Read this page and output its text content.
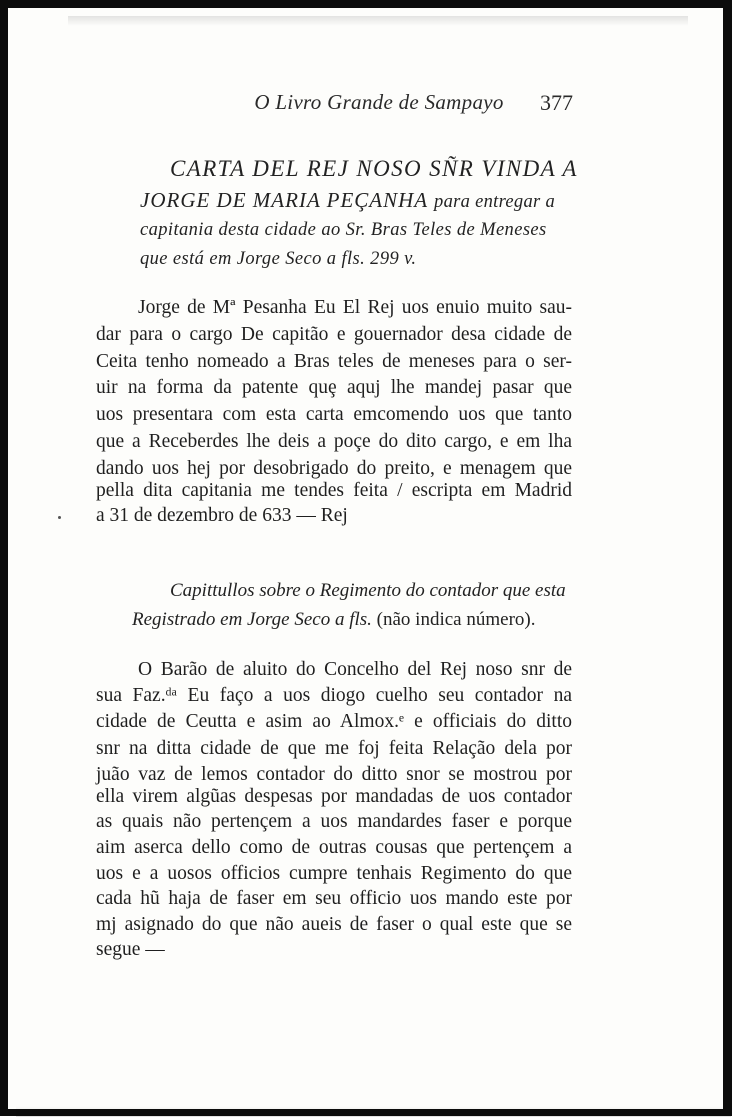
O Livro Grande de Sampayo	377
CARTA DEL REJ NOSO SÑR VINDA A
JORGE DE MARIA PEÇANHA para entregar a
capitania desta cidade ao Sr. Bras Teles de Meneses
que está em Jorge Seco a fls. 299 v.
Jorge de Mª Pesanha Eu El Rej uos enuio muito sau-
dar para o cargo De capitão e gouernador desa cidade de
Ceita tenho nomeado a Bras teles de meneses para o ser-
uir na forma da patente quȩ aquj lhe mandej pasar que
uos presentara com esta carta emcomendo uos que tanto
que a Receberdes lhe deis a poçe do dito cargo, e em lha
dando uos hej por desobrigado do preito, e menagem que
pella dita capitania me tendes feita / escripta em Madrid
a 31 de dezembro de 633 — Rej
Capittullos sobre o Regimento do contador que esta
Registrado em Jorge Seco a fls. (não indica número).
O Barão de aluito do Concelho del Rej noso snr de
sua Faz.ᵈᵃ Eu faço a uos diogo cuelho seu contador na
cidade de Ceutta e asim ao Almox.ᵉ e officiais do ditto
snr na ditta cidade de que me foj feita Relação dela por
juão vaz de lemos contador do ditto snor se mostrou por
ella virem algũas despesas por mandadas de uos contador
as quais não pertençem a uos mandardes faser e porque
aim aserca dello como de outras cousas que pertençem a
uos e a uosos officios cumpre tenhais Regimento do que
cada hũ haja de faser em seu officio uos mando este por
mj asignado do que não aueis de faser o qual este que se
segue —
